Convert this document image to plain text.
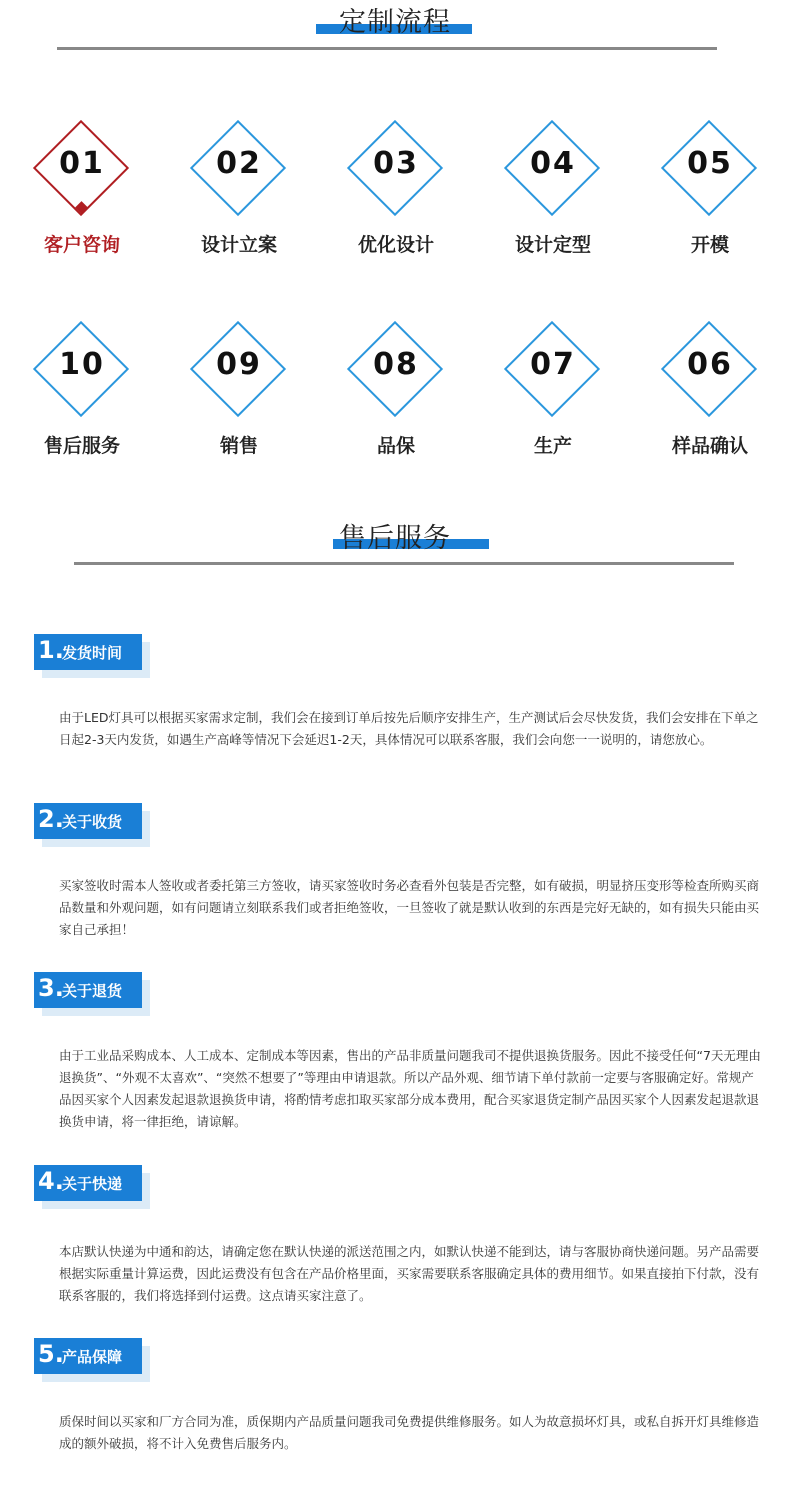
定制流程
01
客户咨询
02
设计立案
03
优化设计
04
设计定型
05
开模
10
售后服务
09
销售
08
品保
07
生产
06
样品确认
售后服务
1.
发货时间
由于LED灯具可以根据买家需求定制，我们会在接到订单后按先后顺序安排生产，生产测试后会尽快发货，我们会安排在下单之日起2-3天内发货，如遇生产高峰等情况下会延迟1-2天，具体情况可以联系客服，我们会向您一一说明的，请您放心。
2.
关于收货
买家签收时需本人签收或者委托第三方签收，请买家签收时务必查看外包装是否完整，如有破损，明显挤压变形等检查所购买商品数量和外观问题，如有问题请立刻联系我们或者拒绝签收，一旦签收了就是默认收到的东西是完好无缺的，如有损失只能由买家自己承担！
3.
关于退货
由于工业品采购成本、人工成本、定制成本等因素，售出的产品非质量问题我司不提供退换货服务。因此不接受任何“7天无理由退换货”、“外观不太喜欢”、“突然不想要了”等理由申请退款。所以产品外观、细节请下单付款前一定要与客服确定好。常规产品因买家个人因素发起退款退换货申请，将酌情考虑扣取买家部分成本费用，配合买家退货定制产品因买家个人因素发起退款退换货申请，将一律拒绝，请谅解。
4.
关于快递
本店默认快递为中通和韵达，请确定您在默认快递的派送范围之内，如默认快递不能到达，请与客服协商快递问题。另产品需要根据实际重量计算运费，因此运费没有包含在产品价格里面，买家需要联系客服确定具体的费用细节。如果直接拍下付款，没有联系客服的，我们将选择到付运费。这点请买家注意了。
5.
产品保障
质保时间以买家和厂方合同为准，质保期内产品质量问题我司免费提供维修服务。如人为故意损坏灯具，或私自拆开灯具维修造成的额外破损，将不计入免费售后服务内。
